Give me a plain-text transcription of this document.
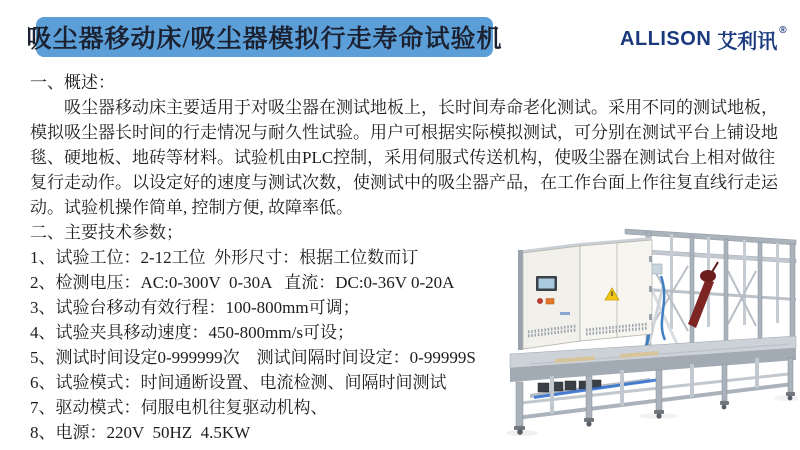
吸尘器移动床/吸尘器模拟行走寿命试验机	ALLISON 艾利讯
®
一、概述：
　　吸尘器移动床主要适用于对吸尘器在测试地板上，长时间寿命老化测试。采用不同的测试地板，
模拟吸尘器长时间的行走情况与耐久性试验。用户可根据实际模拟测试，可分别在测试平台上铺设地
毯、硬地板、地砖等材料。试验机由PLC控制，采用伺服式传送机构，使吸尘器在测试台上相对做往
复行走动作。以设定好的速度与测试次数，使测试中的吸尘器产品，在工作台面上作往复直线行走运
动。试验机操作简单, 控制方便, 故障率低。
二、主要技术参数；
1、试验工位：2-12工位  外形尺寸：根据工位数而订
2、检测电压：AC:0-300V  0-30A   直流：DC:0-36V 0-20A
3、试验台移动有效行程：100-800mm可调；
4、试验夹具移动速度：450-800mm/s可设；
5、测试时间设定0-999999次    测试间隔时间设定：0-99999S
6、试验模式：时间通断设置、电流检测、间隔时间测试
7、驱动模式：伺服电机往复驱动机构、
8、电源：220V  50HZ  4.5KW
